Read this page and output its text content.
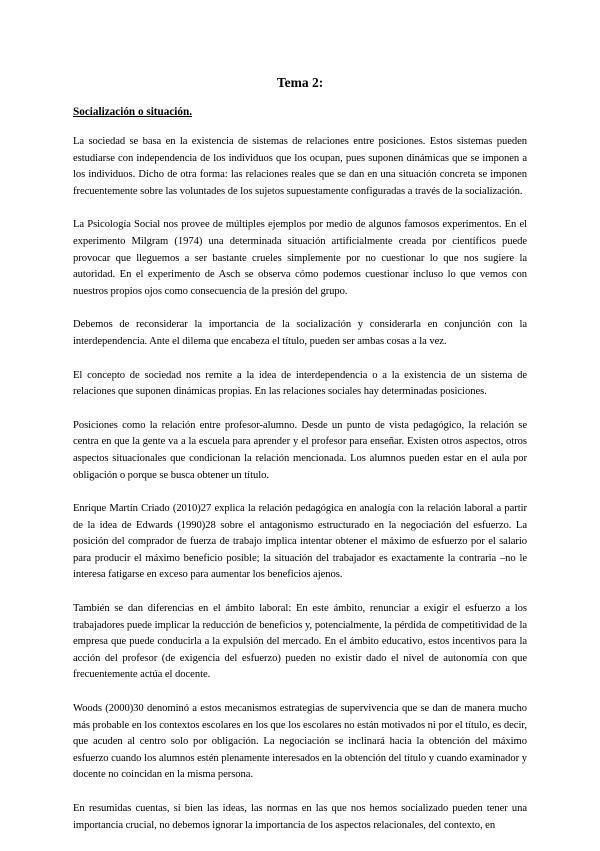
Tema 2:
Socialización o situación.

La sociedad se basa en la existencia de sistemas de relaciones entre posiciones. Estos sistemas pueden estudiarse con independencia de los individuos que los ocupan, pues suponen dinámicas que se imponen a los individuos. Dicho de otra forma: las relaciones reales que se dan en una situación concreta se imponen frecuentemente sobre las voluntades de los sujetos supuestamente configuradas a través de la socialización.

La Psicología Social nos provee de múltiples ejemplos por medio de algunos famosos experimentos. En el experimento Milgram (1974) una determinada situación artificialmente creada por científicos puede provocar que lleguemos a ser bastante crueles simplemente por no cuestionar lo que nos sugiere la autoridad. En el experimento de Asch se observa cómo podemos cuestionar incluso lo que vemos con nuestros propios ojos como consecuencia de la presión del grupo.

Debemos de reconsiderar la importancia de la socialización y considerarla en conjunción con la interdependencia. Ante el dilema que encabeza el título, pueden ser ambas cosas a la vez.

El concepto de sociedad nos remite a la idea de interdependencia o a la existencia de un sistema de relaciones que suponen dinámicas propias. En las relaciones sociales hay determinadas posiciones.

Posiciones como la relación entre profesor-alumno. Desde un punto de vista pedagógico, la relación se centra en que la gente va a la escuela para aprender y el profesor para enseñar. Existen otros aspectos, otros aspectos situacionales que condicionan la relación mencionada. Los alumnos pueden estar en el aula por obligación o porque se busca obtener un título.

Enrique Martín Criado (2010)27 explica la relación pedagógica en analogía con la relación laboral a partir de la idea de Edwards (1990)28 sobre el antagonismo estructurado en la negociación del esfuerzo. La posición del comprador de fuerza de trabajo implica intentar obtener el máximo de esfuerzo por el salario para producir el máximo beneficio posible; la situación del trabajador es exactamente la contraria –no le interesa fatigarse en exceso para aumentar los beneficios ajenos.

También se dan diferencias en el ámbito laboral: En este ámbito, renunciar a exigir el esfuerzo a los trabajadores puede implicar la reducción de beneficios y, potencialmente, la pérdida de competitividad de la empresa que puede conducirla a la expulsión del mercado. En el ámbito educativo, estos incentivos para la acción del profesor (de exigencia del esfuerzo) pueden no existir dado el nivel de autonomía con que frecuentemente actúa el docente.

Woods (2000)30 denominó a estos mecanismos estrategias de supervivencia que se dan de manera mucho más probable en los contextos escolares en los que los escolares no están motivados ni por el título, es decir, que acuden al centro solo por obligación. La negociación se inclinará hacia la obtención del máximo esfuerzo cuando los alumnos estén plenamente interesados en la obtención del título y cuando examinador y docente no coincidan en la misma persona.

En resumidas cuentas, si bien las ideas, las normas en las que nos hemos socializado pueden tener una importancia crucial, no debemos ignorar la importancia de los aspectos relacionales, del contexto, en
